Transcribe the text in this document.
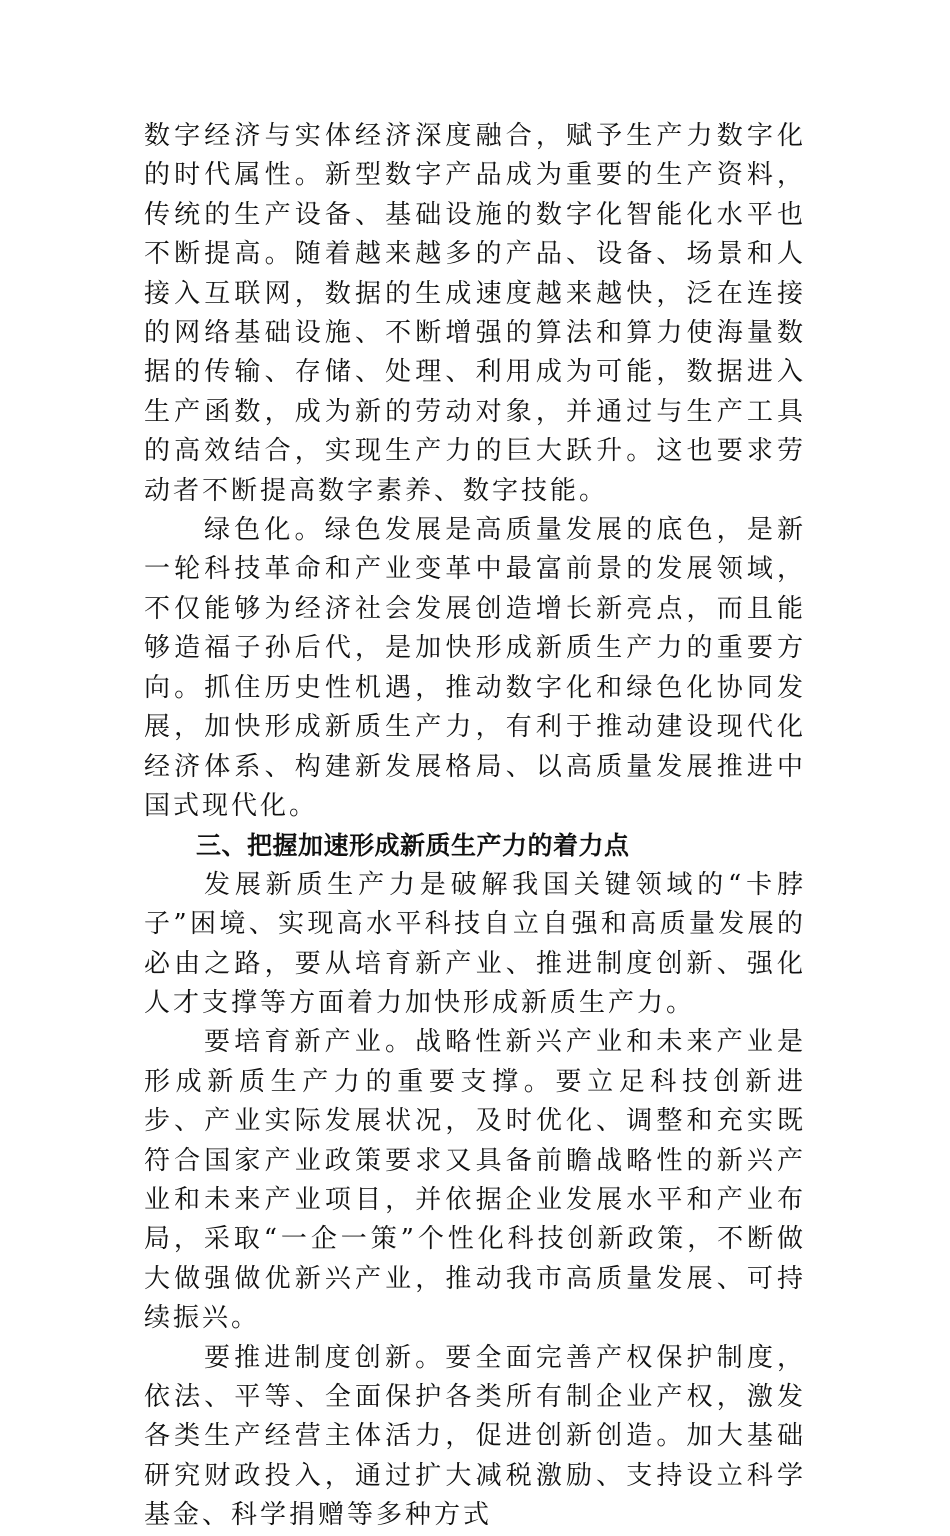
数字经济与实体经济深度融合，赋予生产力数字化的时代属性。新型数字产品成为重要的生产资料，传统的生产设备、基础设施的数字化智能化水平也不断提高。随着越来越多的产品、设备、场景和人接入互联网，数据的生成速度越来越快，泛在连接的网络基础设施、不断增强的算法和算力使海量数据的传输、存储、处理、利用成为可能，数据进入生产函数，成为新的劳动对象，并通过与生产工具的高效结合，实现生产力的巨大跃升。这也要求劳动者不断提高数字素养、数字技能。

绿色化。绿色发展是高质量发展的底色，是新一轮科技革命和产业变革中最富前景的发展领域，不仅能够为经济社会发展创造增长新亮点，而且能够造福子孙后代，是加快形成新质生产力的重要方向。抓住历史性机遇，推动数字化和绿色化协同发展，加快形成新质生产力，有利于推动建设现代化经济体系、构建新发展格局、以高质量发展推进中国式现代化。

三、把握加速形成新质生产力的着力点

发展新质生产力是破解我国关键领域的“卡脖子”困境、实现高水平科技自立自强和高质量发展的必由之路，要从培育新产业、推进制度创新、强化人才支撑等方面着力加快形成新质生产力。

要培育新产业。战略性新兴产业和未来产业是形成新质生产力的重要支撑。要立足科技创新进步、产业实际发展状况，及时优化、调整和充实既符合国家产业政策要求又具备前瞻战略性的新兴产业和未来产业项目，并依据企业发展水平和产业布局，采取“一企一策”个性化科技创新政策，不断做大做强做优新兴产业，推动我市高质量发展、可持续振兴。

要推进制度创新。要全面完善产权保护制度，依法、平等、全面保护各类所有制企业产权，激发各类生产经营主体活力，促进创新创造。加大基础研究财政投入，通过扩大减税激励、支持设立科学基金、科学捐赠等多种方式
